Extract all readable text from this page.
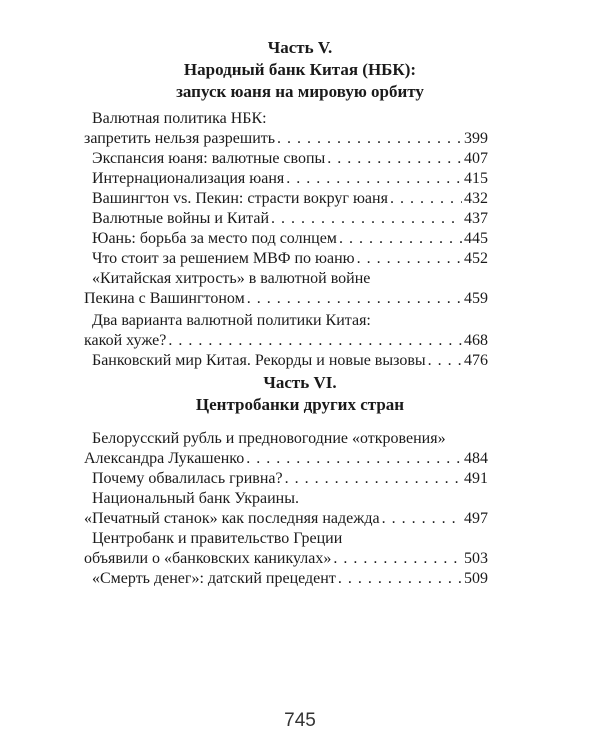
Часть V.
Народный банк Китая (НБК):
запуск юаня на мировую орбиту
Валютная политика НБК:
запретить нельзя разрешить . . .	399
Экспансия юаня: валютные свопы . . .	407
Интернационализация юаня . . .	415
Вашингтон vs. Пекин: страсти вокруг юаня . . .	432
Валютные войны и Китай . . .	437
Юань: борьба за место под солнцем . . .	445
Что стоит за решением МВФ по юаню . . .	452
«Китайская хитрость» в валютной войне
Пекина с Вашингтоном . . .	459
Два варианта валютной политики Китая:
какой хуже? . . .	468
Банковский мир Китая. Рекорды и новые вызовы . . . 476
Часть VI.
Центробанки других стран
Белорусский рубль и предновогодние «откровения»
Александра Лукашенко . . .	484
Почему обвалилась гривна? . . .	491
Национальный банк Украины.
«Печатный станок» как последняя надежда . . .	497
Центробанк и правительство Греции
объявили о «банковских каникулах» . . .	503
«Смерть денег»: датский прецедент . . .	509
745
